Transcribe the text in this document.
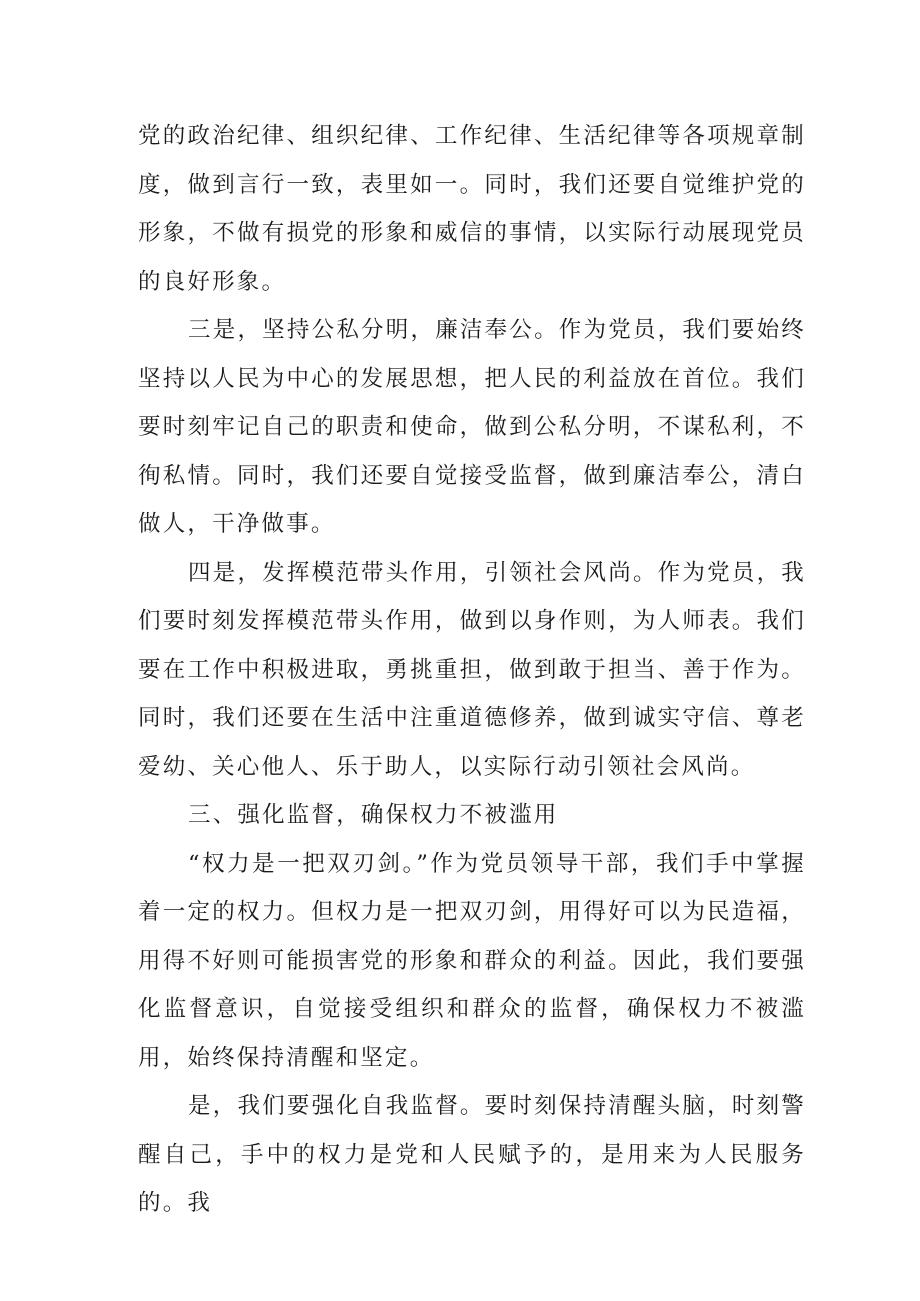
党的政治纪律、组织纪律、工作纪律、生活纪律等各项规章制度，做到言行一致，表里如一。同时，我们还要自觉维护党的形象，不做有损党的形象和威信的事情，以实际行动展现党员的良好形象。

三是，坚持公私分明，廉洁奉公。作为党员，我们要始终坚持以人民为中心的发展思想，把人民的利益放在首位。我们要时刻牢记自己的职责和使命，做到公私分明，不谋私利，不徇私情。同时，我们还要自觉接受监督，做到廉洁奉公，清白做人，干净做事。

四是，发挥模范带头作用，引领社会风尚。作为党员，我们要时刻发挥模范带头作用，做到以身作则，为人师表。我们要在工作中积极进取，勇挑重担，做到敢于担当、善于作为。同时，我们还要在生活中注重道德修养，做到诚实守信、尊老爱幼、关心他人、乐于助人，以实际行动引领社会风尚。

三、强化监督，确保权力不被滥用

“权力是一把双刃剑。”作为党员领导干部，我们手中掌握着一定的权力。但权力是一把双刃剑，用得好可以为民造福，用得不好则可能损害党的形象和群众的利益。因此，我们要强化监督意识，自觉接受组织和群众的监督，确保权力不被滥用，始终保持清醒和坚定。

是，我们要强化自我监督。要时刻保持清醒头脑，时刻警醒自己，手中的权力是党和人民赋予的，是用来为人民服务的。我
